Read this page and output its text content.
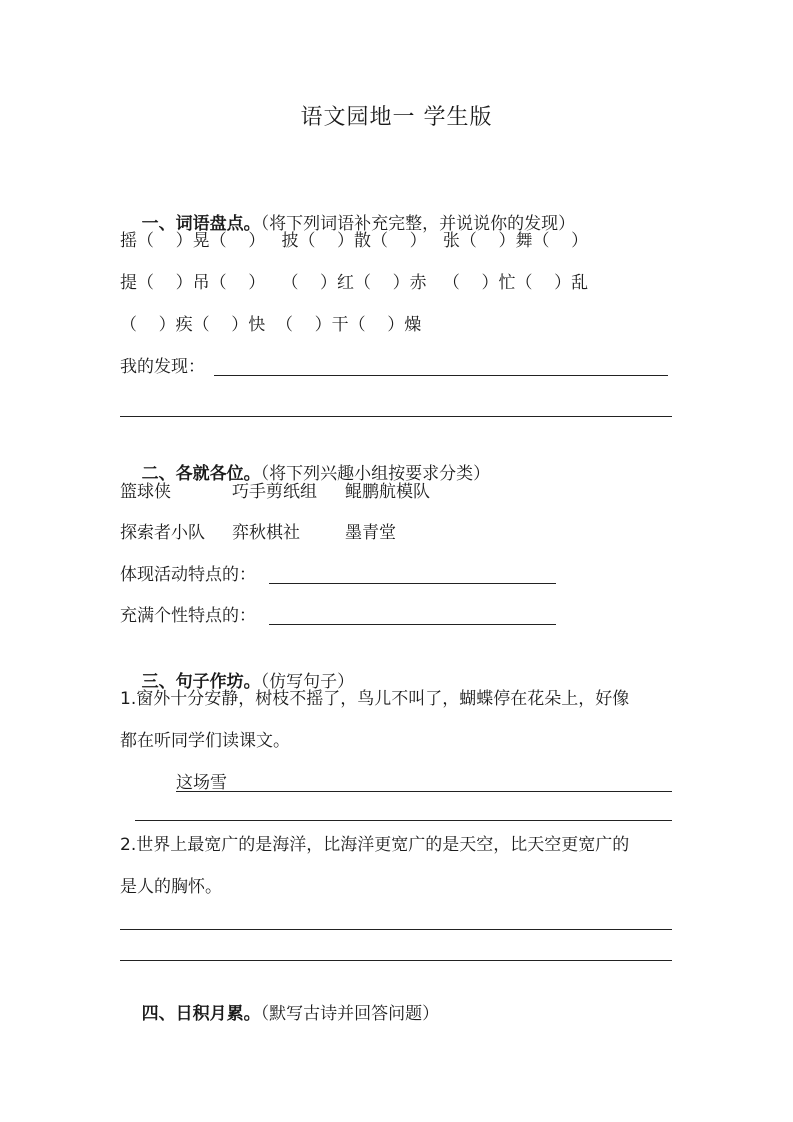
语文园地一 学生版

一、词语盘点。（将下列词语补充完整，并说说你的发现）

摇（    ）晃（    ）   披（    ）散（    ）   张（    ）舞（    ）
提（    ）吊（    ）   （    ）红（    ）赤   （    ）忙（    ）乱
（    ）疾（    ）快  （    ）干（    ）燥
我的发现：

二、各就各位。（将下列兴趣小组按要求分类）

篮球侠	巧手剪纸组 鲲鹏航模队
探索者小队 弈秋棋社	墨青堂
体现活动特点的：
充满个性特点的：

三、句子作坊。（仿写句子）

1.窗外十分安静，树枝不摇了，鸟儿不叫了，蝴蝶停在花朵上，好像
都在听同学们读课文。
这场雪
2.世界上最宽广的是海洋，比海洋更宽广的是天空，比天空更宽广的
是人的胸怀。

四、日积月累。（默写古诗并回答问题）
